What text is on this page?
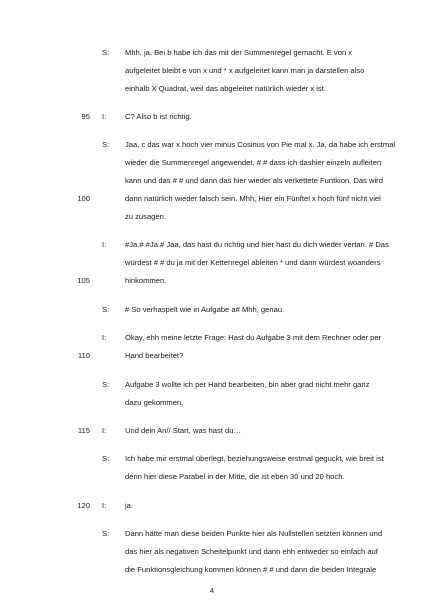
S: Mhh, ja. Bei b habe ich das mit der Summenregel gemacht. E von x
aufgeleitet bleibt e von x und * x aufgeleitet kann man ja darstellen also
einhalb X Quadrat, weil das abgeleitet natürlich wieder x ist.
95 I: C? Also b ist richtig.
S: Jaa, c das war x hoch vier minus Cosinus von Pie mal x. Ja, da habe ich erstmal
wieder die Summenregel angewendet, # # dass ich dashier einzeln aufleiten
kann und das # # und dann das hier wieder als verkettete Funtkion. Das wird
100	dann natürlich wieder falsch sein. Mhh, Hier ein Fünftel x hoch fünf nicht viel
zu zusagen.
I: #Ja.# #Ja.# Jaa, das hast du richtig und hier hast du dich wieder vertan. # Das
würdest # # du ja mit der Kettenregel ableiten * und dann würdest woanders
105	hinkommen.
S: # So verhaspelt wie in Aufgabe a# Mhh, genau.
I: Okay, ehh meine letzte Frage: Hast du Aufgabe 3 mit dem Rechner oder per
110	Hand bearbeitet?
S: Aufgabe 3 wollte ich per Hand bearbeiten, bin aber grad nicht mehr ganz
dazu gekommen.
115 I: Und dein An// Start, was hast du…
S: Ich habe mir erstmal überlegt, beziehungsweise erstmal geguckt, wie breit ist
denn hier diese Parabel in der Mitte, die ist eben 30 und 20 hoch.
120 I: ja.
S: Dann hätte man diese beiden Punkte hier als Nullstellen setzten können und
das hier als negativen Scheitelpunkt und dann ehh entweder so einfach auf
die Funktionsgleichung kommen können # # und dann die beiden Integrale
4
